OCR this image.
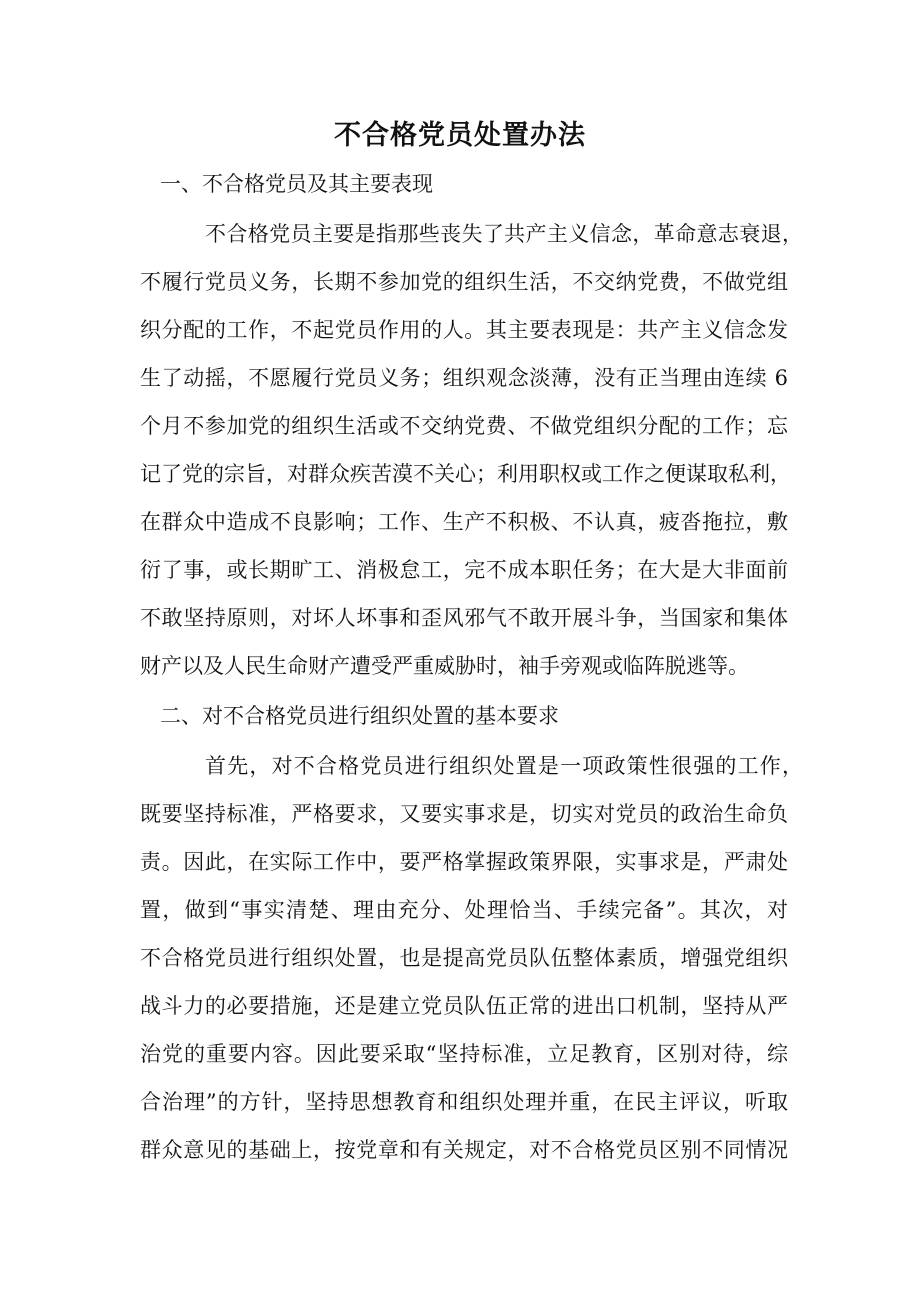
不合格党员处置办法
一、不合格党员及其主要表现
不合格党员主要是指那些丧失了共产主义信念，革命意志衰退，
不履行党员义务，长期不参加党的组织生活，不交纳党费，不做党组
织分配的工作，不起党员作用的人。其主要表现是：共产主义信念发
生了动摇，不愿履行党员义务；组织观念淡薄，没有正当理由连续 6
个月不参加党的组织生活或不交纳党费、不做党组织分配的工作；忘
记了党的宗旨，对群众疾苦漠不关心；利用职权或工作之便谋取私利，
在群众中造成不良影响；工作、生产不积极、不认真，疲沓拖拉，敷
衍了事，或长期旷工、消极怠工，完不成本职任务；在大是大非面前
不敢坚持原则，对坏人坏事和歪风邪气不敢开展斗争，当国家和集体
财产以及人民生命财产遭受严重威胁时，袖手旁观或临阵脱逃等。
二、对不合格党员进行组织处置的基本要求
首先，对不合格党员进行组织处置是一项政策性很强的工作，
既要坚持标准，严格要求，又要实事求是，切实对党员的政治生命负
责。因此，在实际工作中，要严格掌握政策界限，实事求是，严肃处
置，做到“事实清楚、理由充分、处理恰当、手续完备”。其次，对
不合格党员进行组织处置，也是提高党员队伍整体素质，增强党组织
战斗力的必要措施，还是建立党员队伍正常的进出口机制，坚持从严
治党的重要内容。因此要采取“坚持标准，立足教育，区别对待，综
合治理”的方针，坚持思想教育和组织处理并重，在民主评议，听取
群众意见的基础上，按党章和有关规定，对不合格党员区别不同情况
